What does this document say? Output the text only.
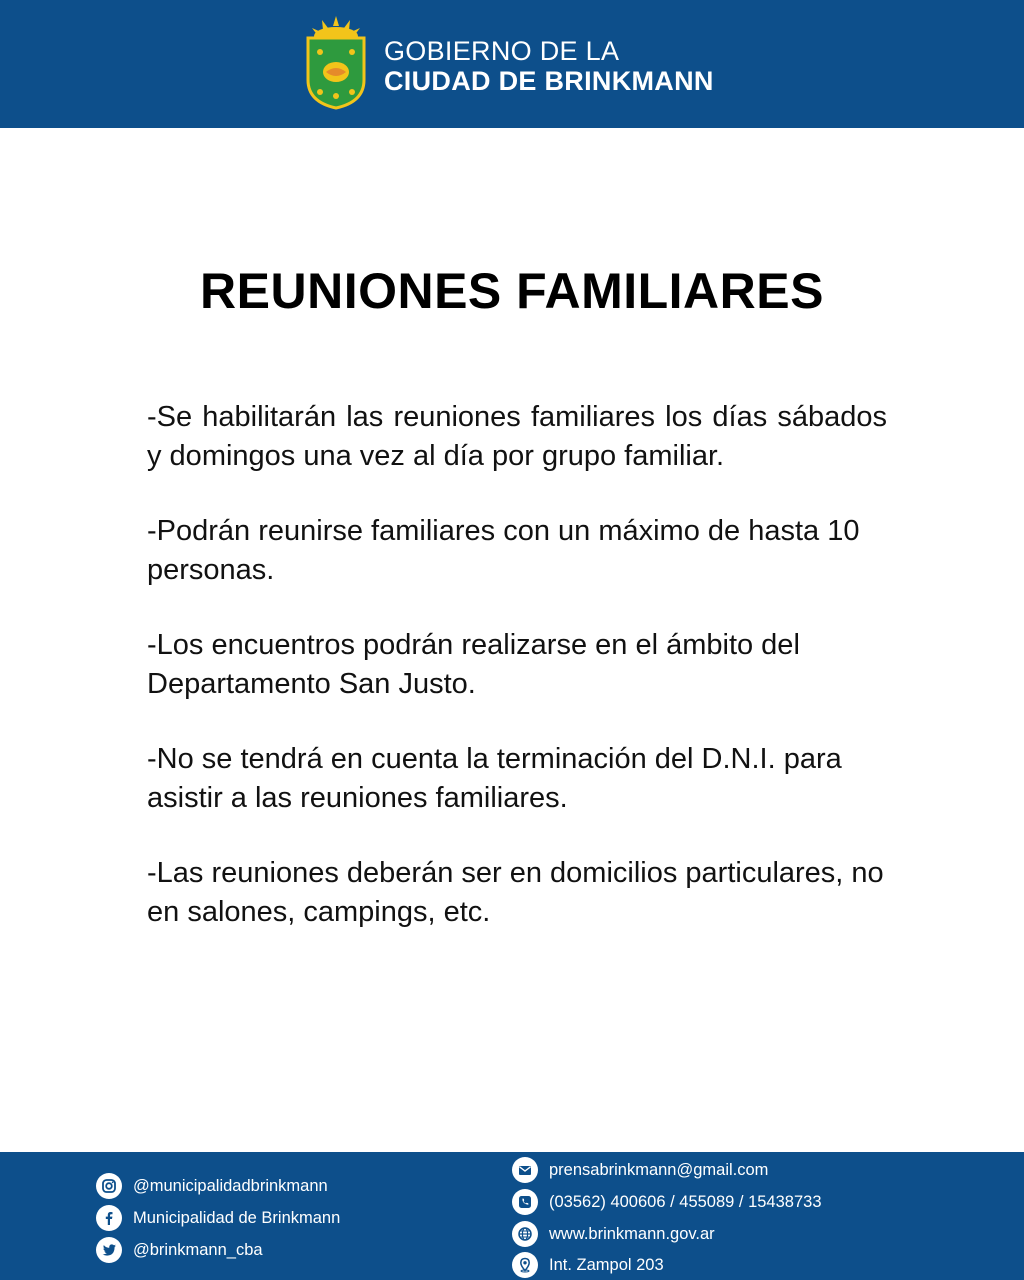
GOBIERNO DE LA
CIUDAD DE BRINKMANN
REUNIONES FAMILIARES

-Se habilitarán las reuniones familiares los días sábados y domingos una vez al día por grupo familiar.

-Podrán reunirse familiares con un máximo de hasta 10 personas.

-Los encuentros podrán realizarse en el ámbito del Departamento San Justo.

-No se tendrá en cuenta la terminación del D.N.I. para asistir a las reuniones familiares.

-Las reuniones deberán ser en domicilios particulares, no en salones, campings, etc.

@municipalidadbrinkmann
Municipalidad de Brinkmann
@brinkmann_cba
prensabrinkmann@gmail.com
(03562) 400606 / 455089 / 15438733
www.brinkmann.gov.ar
Int. Zampol 203
